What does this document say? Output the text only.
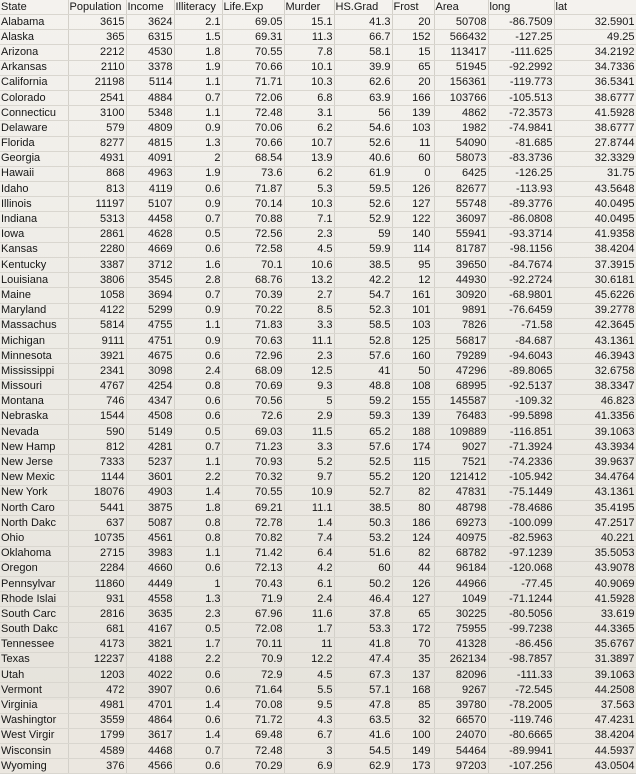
State	Population	Income	Illiteracy	Life.Exp	Murder	HS.Grad	Frost	Area	long	lat
Alabama	3615	3624	2.1	69.05	15.1	41.3	20	50708	-86.7509	32.5901
Alaska	365	6315	1.5	69.31	11.3	66.7	152	566432	-127.25	49.25
Arizona	2212	4530	1.8	70.55	7.8	58.1	15	113417	-111.625	34.2192
Arkansas	2110	3378	1.9	70.66	10.1	39.9	65	51945	-92.2992	34.7336
California	21198	5114	1.1	71.71	10.3	62.6	20	156361	-119.773	36.5341
Colorado	2541	4884	0.7	72.06	6.8	63.9	166	103766	-105.513	38.6777
Connecticu	3100	5348	1.1	72.48	3.1	56	139	4862	-72.3573	41.5928
Delaware	579	4809	0.9	70.06	6.2	54.6	103	1982	-74.9841	38.6777
Florida	8277	4815	1.3	70.66	10.7	52.6	11	54090	-81.685	27.8744
Georgia	4931	4091	2	68.54	13.9	40.6	60	58073	-83.3736	32.3329
Hawaii	868	4963	1.9	73.6	6.2	61.9	0	6425	-126.25	31.75
Idaho	813	4119	0.6	71.87	5.3	59.5	126	82677	-113.93	43.5648
Illinois	11197	5107	0.9	70.14	10.3	52.6	127	55748	-89.3776	40.0495
Indiana	5313	4458	0.7	70.88	7.1	52.9	122	36097	-86.0808	40.0495
Iowa	2861	4628	0.5	72.56	2.3	59	140	55941	-93.3714	41.9358
Kansas	2280	4669	0.6	72.58	4.5	59.9	114	81787	-98.1156	38.4204
Kentucky	3387	3712	1.6	70.1	10.6	38.5	95	39650	-84.7674	37.3915
Louisiana	3806	3545	2.8	68.76	13.2	42.2	12	44930	-92.2724	30.6181
Maine	1058	3694	0.7	70.39	2.7	54.7	161	30920	-68.9801	45.6226
Maryland	4122	5299	0.9	70.22	8.5	52.3	101	9891	-76.6459	39.2778
Massachus	5814	4755	1.1	71.83	3.3	58.5	103	7826	-71.58	42.3645
Michigan	9111	4751	0.9	70.63	11.1	52.8	125	56817	-84.687	43.1361
Minnesota	3921	4675	0.6	72.96	2.3	57.6	160	79289	-94.6043	46.3943
Mississippi	2341	3098	2.4	68.09	12.5	41	50	47296	-89.8065	32.6758
Missouri	4767	4254	0.8	70.69	9.3	48.8	108	68995	-92.5137	38.3347
Montana	746	4347	0.6	70.56	5	59.2	155	145587	-109.32	46.823
Nebraska	1544	4508	0.6	72.6	2.9	59.3	139	76483	-99.5898	41.3356
Nevada	590	5149	0.5	69.03	11.5	65.2	188	109889	-116.851	39.1063
New Hamp	812	4281	0.7	71.23	3.3	57.6	174	9027	-71.3924	43.3934
New Jerse	7333	5237	1.1	70.93	5.2	52.5	115	7521	-74.2336	39.9637
New Mexic	1144	3601	2.2	70.32	9.7	55.2	120	121412	-105.942	34.4764
New York	18076	4903	1.4	70.55	10.9	52.7	82	47831	-75.1449	43.1361
North Caro	5441	3875	1.8	69.21	11.1	38.5	80	48798	-78.4686	35.4195
North Dakc	637	5087	0.8	72.78	1.4	50.3	186	69273	-100.099	47.2517
Ohio	10735	4561	0.8	70.82	7.4	53.2	124	40975	-82.5963	40.221
Oklahoma	2715	3983	1.1	71.42	6.4	51.6	82	68782	-97.1239	35.5053
Oregon	2284	4660	0.6	72.13	4.2	60	44	96184	-120.068	43.9078
Pennsylvar	11860	4449	1	70.43	6.1	50.2	126	44966	-77.45	40.9069
Rhode Islai	931	4558	1.3	71.9	2.4	46.4	127	1049	-71.1244	41.5928
South Carc	2816	3635	2.3	67.96	11.6	37.8	65	30225	-80.5056	33.619
South Dakc	681	4167	0.5	72.08	1.7	53.3	172	75955	-99.7238	44.3365
Tennessee	4173	3821	1.7	70.11	11	41.8	70	41328	-86.456	35.6767
Texas	12237	4188	2.2	70.9	12.2	47.4	35	262134	-98.7857	31.3897
Utah	1203	4022	0.6	72.9	4.5	67.3	137	82096	-111.33	39.1063
Vermont	472	3907	0.6	71.64	5.5	57.1	168	9267	-72.545	44.2508
Virginia	4981	4701	1.4	70.08	9.5	47.8	85	39780	-78.2005	37.563
Washingtor	3559	4864	0.6	71.72	4.3	63.5	32	66570	-119.746	47.4231
West Virgir	1799	3617	1.4	69.48	6.7	41.6	100	24070	-80.6665	38.4204
Wisconsin	4589	4468	0.7	72.48	3	54.5	149	54464	-89.9941	44.5937
Wyoming	376	4566	0.6	70.29	6.9	62.9	173	97203	-107.256	43.0504
